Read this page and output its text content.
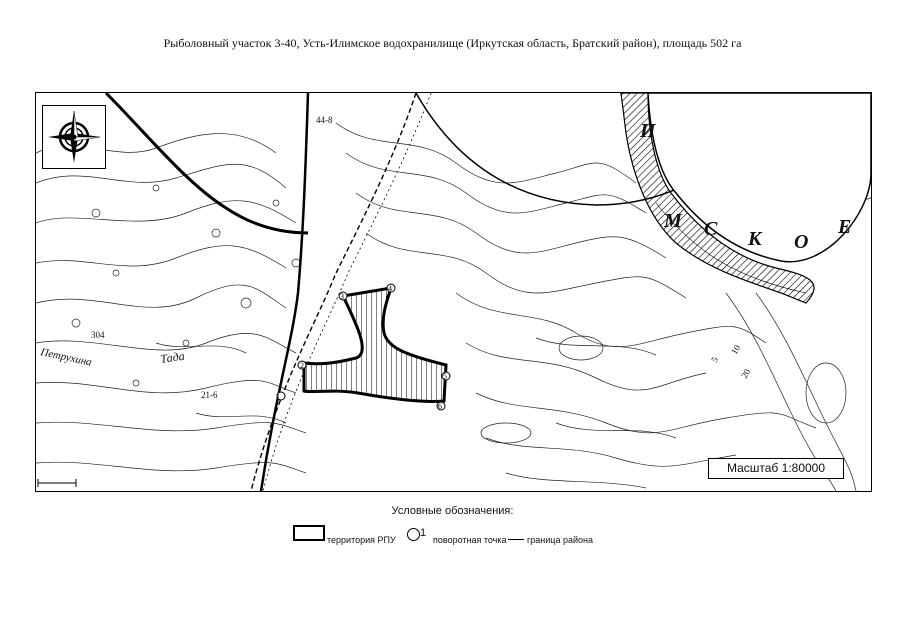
Рыболовный участок 3-40, Усть-Илимское водохранилище (Иркутская область, Братский район), площадь 502 га
И
М С К О
Е
1
2
3
4
5
6
Петрухина	Тада
304
21-6
44-8
5
10
20
Масштаб 1:80000
Условные обозначения:
территория РПУ
1
поворотная точка граница района
